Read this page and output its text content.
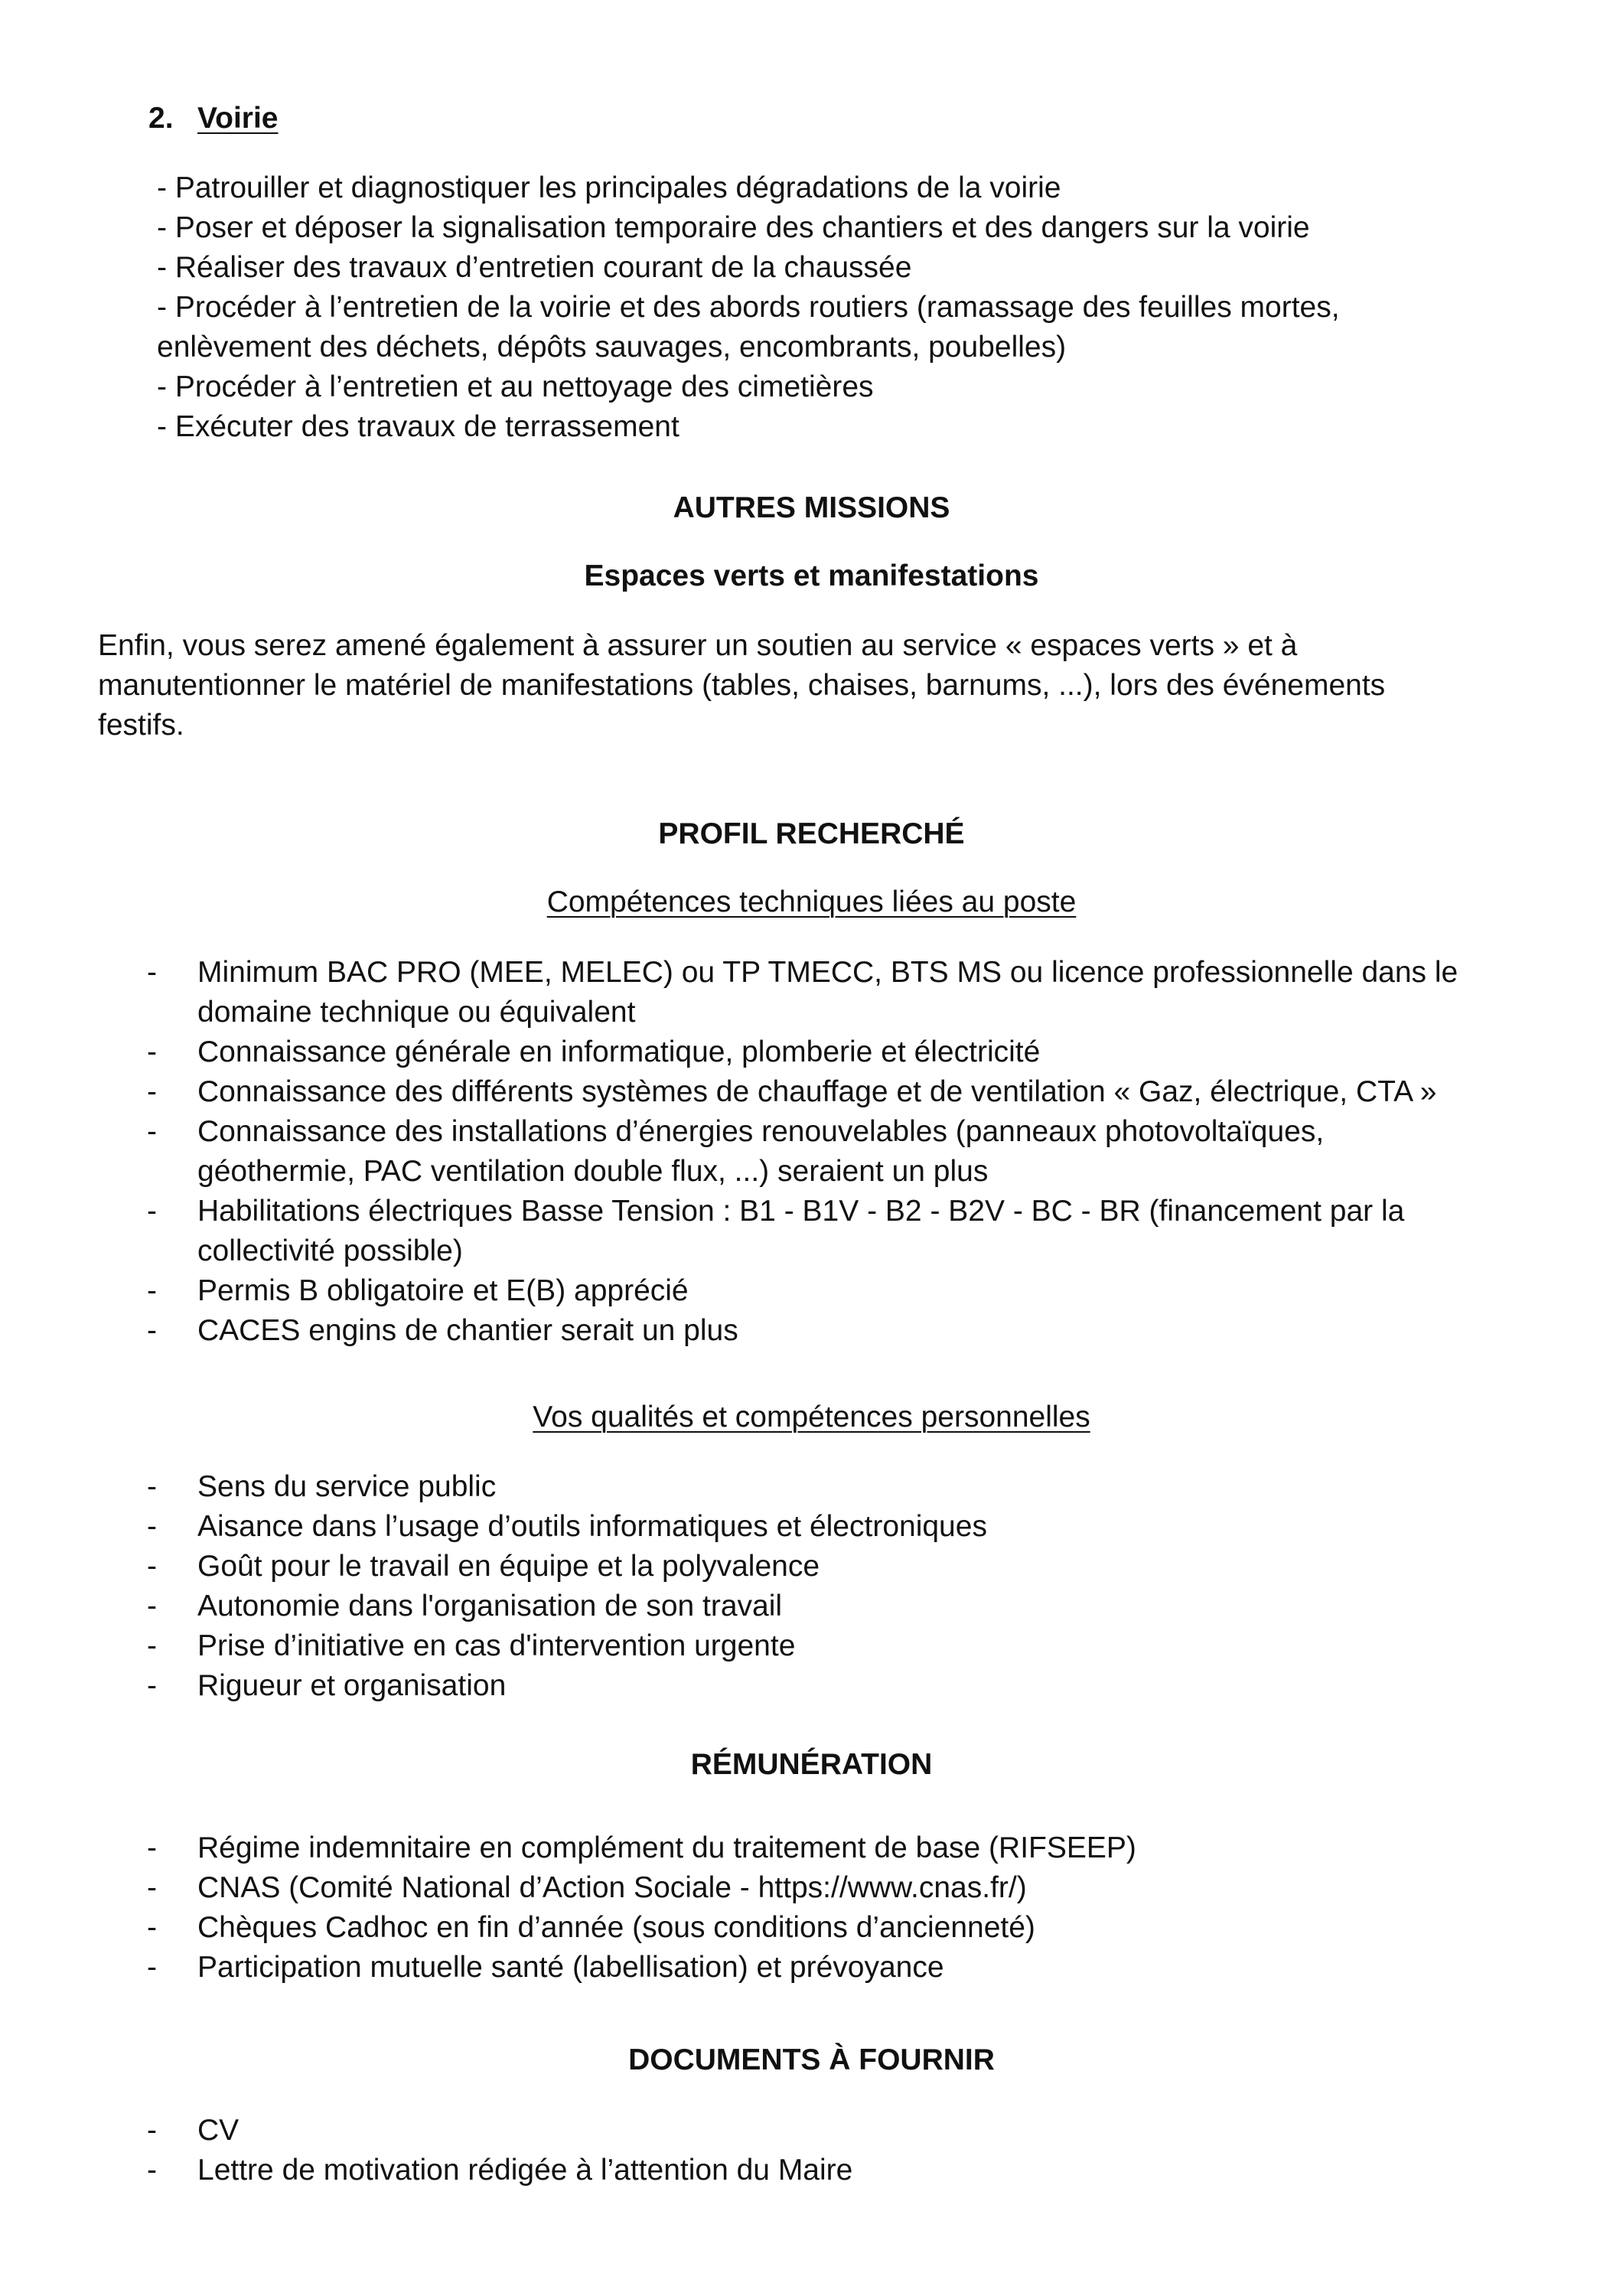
2. Voirie

- Patrouiller et diagnostiquer les principales dégradations de la voirie

- Poser et déposer la signalisation temporaire des chantiers et des dangers sur la voirie

- Réaliser des travaux d’entretien courant de la chaussée

- Procéder à l’entretien de la voirie et des abords routiers (ramassage des feuilles mortes,

enlèvement des déchets, dépôts sauvages, encombrants, poubelles)

- Procéder à l’entretien et au nettoyage des cimetières

- Exécuter des travaux de terrassement

AUTRES MISSIONS

Espaces verts et manifestations

Enfin, vous serez amené également à assurer un soutien au service « espaces verts » et à

manutentionner le matériel de manifestations (tables, chaises, barnums, ...), lors des événements

festifs.

PROFIL RECHERCHÉ

Compétences techniques liées au poste

- Minimum BAC PRO (MEE, MELEC) ou TP TMECC, BTS MS ou licence professionnelle dans le

domaine technique ou équivalent

- Connaissance générale en informatique, plomberie et électricité

- Connaissance des différents systèmes de chauffage et de ventilation « Gaz, électrique, CTA »

- Connaissance des installations d’énergies renouvelables (panneaux photovoltaïques,

géothermie, PAC ventilation double flux, ...) seraient un plus

- Habilitations électriques Basse Tension : B1 - B1V - B2 - B2V - BC - BR (financement par la

collectivité possible)

- Permis B obligatoire et E(B) apprécié

- CACES engins de chantier serait un plus

Vos qualités et compétences personnelles

- Sens du service public

- Aisance dans l’usage d’outils informatiques et électroniques

- Goût pour le travail en équipe et la polyvalence

- Autonomie dans l'organisation de son travail

- Prise d’initiative en cas d'intervention urgente

- Rigueur et organisation

RÉMUNÉRATION

- Régime indemnitaire en complément du traitement de base (RIFSEEP)

- CNAS (Comité National d’Action Sociale - https://www.cnas.fr/)

- Chèques Cadhoc en fin d’année (sous conditions d’ancienneté)

- Participation mutuelle santé (labellisation) et prévoyance

DOCUMENTS À FOURNIR

- CV

- Lettre de motivation rédigée à l’attention du Maire
